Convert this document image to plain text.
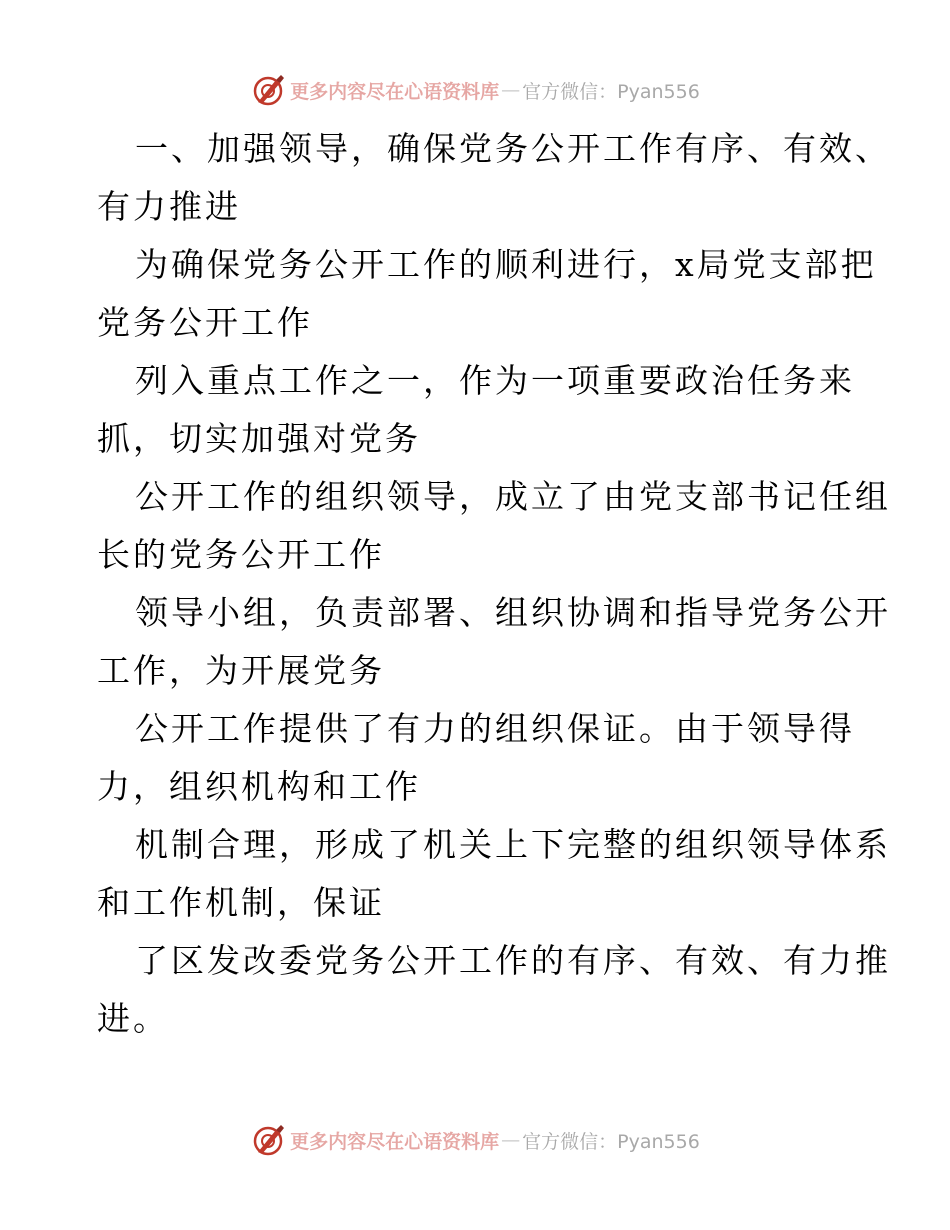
更多内容尽在心语资料库 — 官方微信：Pyan556
一、加强领导，确保党务公开工作有序、有效、
有力推进
为确保党务公开工作的顺利进行，x局党支部把
党务公开工作
列入重点工作之一，作为一项重要政治任务来
抓，切实加强对党务
公开工作的组织领导，成立了由党支部书记任组
长的党务公开工作
领导小组，负责部署、组织协调和指导党务公开
工作，为开展党务
公开工作提供了有力的组织保证。由于领导得
力，组织机构和工作
机制合理，形成了机关上下完整的组织领导体系
和工作机制，保证
了区发改委党务公开工作的有序、有效、有力推
进。
更多内容尽在心语资料库 — 官方微信：Pyan556
